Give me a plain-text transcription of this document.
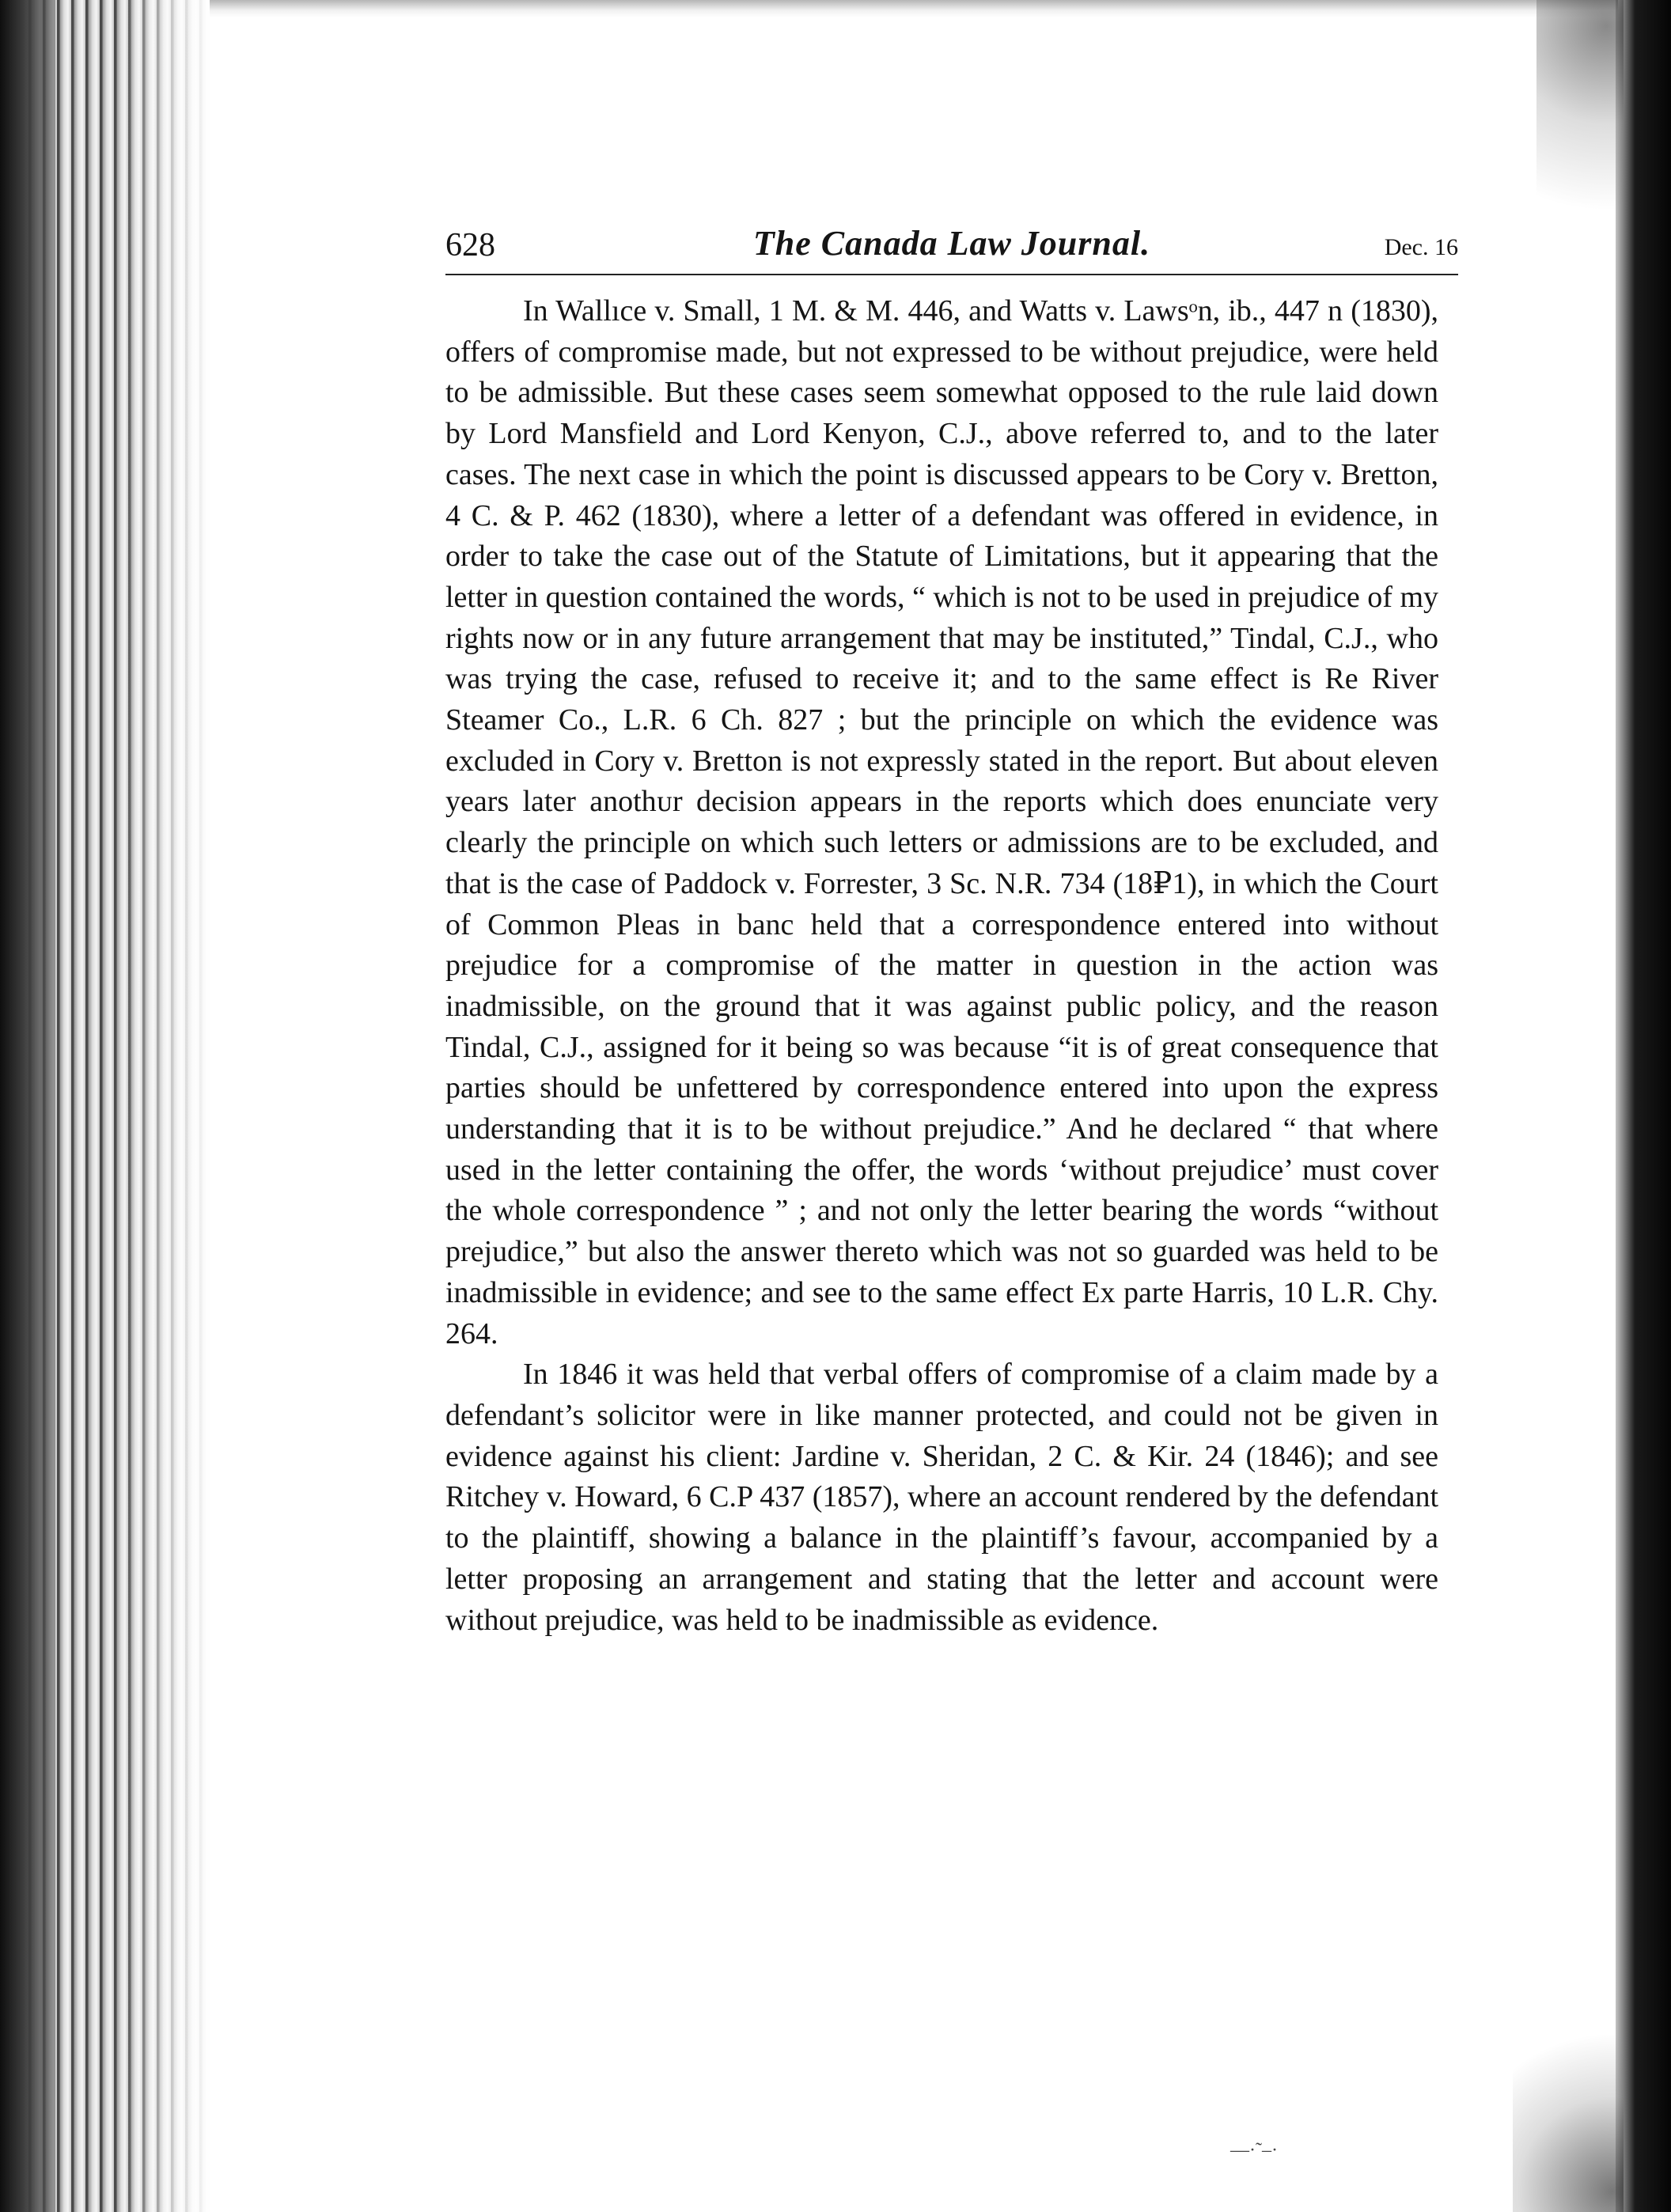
628	The Canada Law Journal.	Dec. 16

In Wallıce v. Small, 1 M. & M. 446, and Watts v. Lawsᵒn, ib., 447 n (1830), offers of compromise made, but not expressed to be without prejudice, were held to be admissible. But these cases seem somewhat opposed to the rule laid down by Lord Mansfield and Lord Kenyon, C.J., above referred to, and to the later cases. The next case in which the point is discussed appears to be Cory v. Bretton, 4 C. & P. 462 (1830), where a letter of a defendant was offered in evidence, in order to take the case out of the Statute of Limitations, but it appearing that the letter in question contained the words, “ which is not to be used in prejudice of my rights now or in any future arrangement that may be instituted,” Tindal, C.J., who was trying the case, refused to receive it; and to the same effect is Re River Steamer Co., L.R. 6 Ch. 827 ; but the principle on which the evidence was excluded in Cory v. Bretton is not expressly stated in the report. But about eleven years later anothᴜr decision appears in the reports which does enunciate very clearly the principle on which such letters or admissions are to be excluded, and that is the case of Paddock v. Forrester, 3 Sc. N.R. 734 (18₽1), in which the Court of Common Pleas in banc held that a correspondence entered into without prejudice for a compromise of the matter in question in the action was inadmissible, on the ground that it was against public policy, and the reason Tindal, C.J., assigned for it being so was because “it is of great consequence that parties should be unfettered by correspondence entered into upon the express understanding that it is to be without prejudice.” And he declared “ that where used in the letter containing the offer, the words ‘without prejudice’ must cover the whole correspondence ” ; and not only the letter bearing the words “without prejudice,” but also the answer thereto which was not so guarded was held to be inadmissible in evidence; and see to the same effect Ex parte Harris, 10 L.R. Chy. 264.

In 1846 it was held that verbal offers of compromise of a claim made by a defendant’s solicitor were in like manner protected, and could not be given in evidence against his client: Jardine v. Sheridan, 2 C. & Kir. 24 (1846); and see Ritchey v. Howard, 6 C.P 437 (1857), where an account rendered by the defendant to the plaintiff, showing a balance in the plaintiff’s favour, accompanied by a letter proposing an arrangement and stating that the letter and account were without prejudice, was held to be inadmissible as evidence.

—·˜–·
